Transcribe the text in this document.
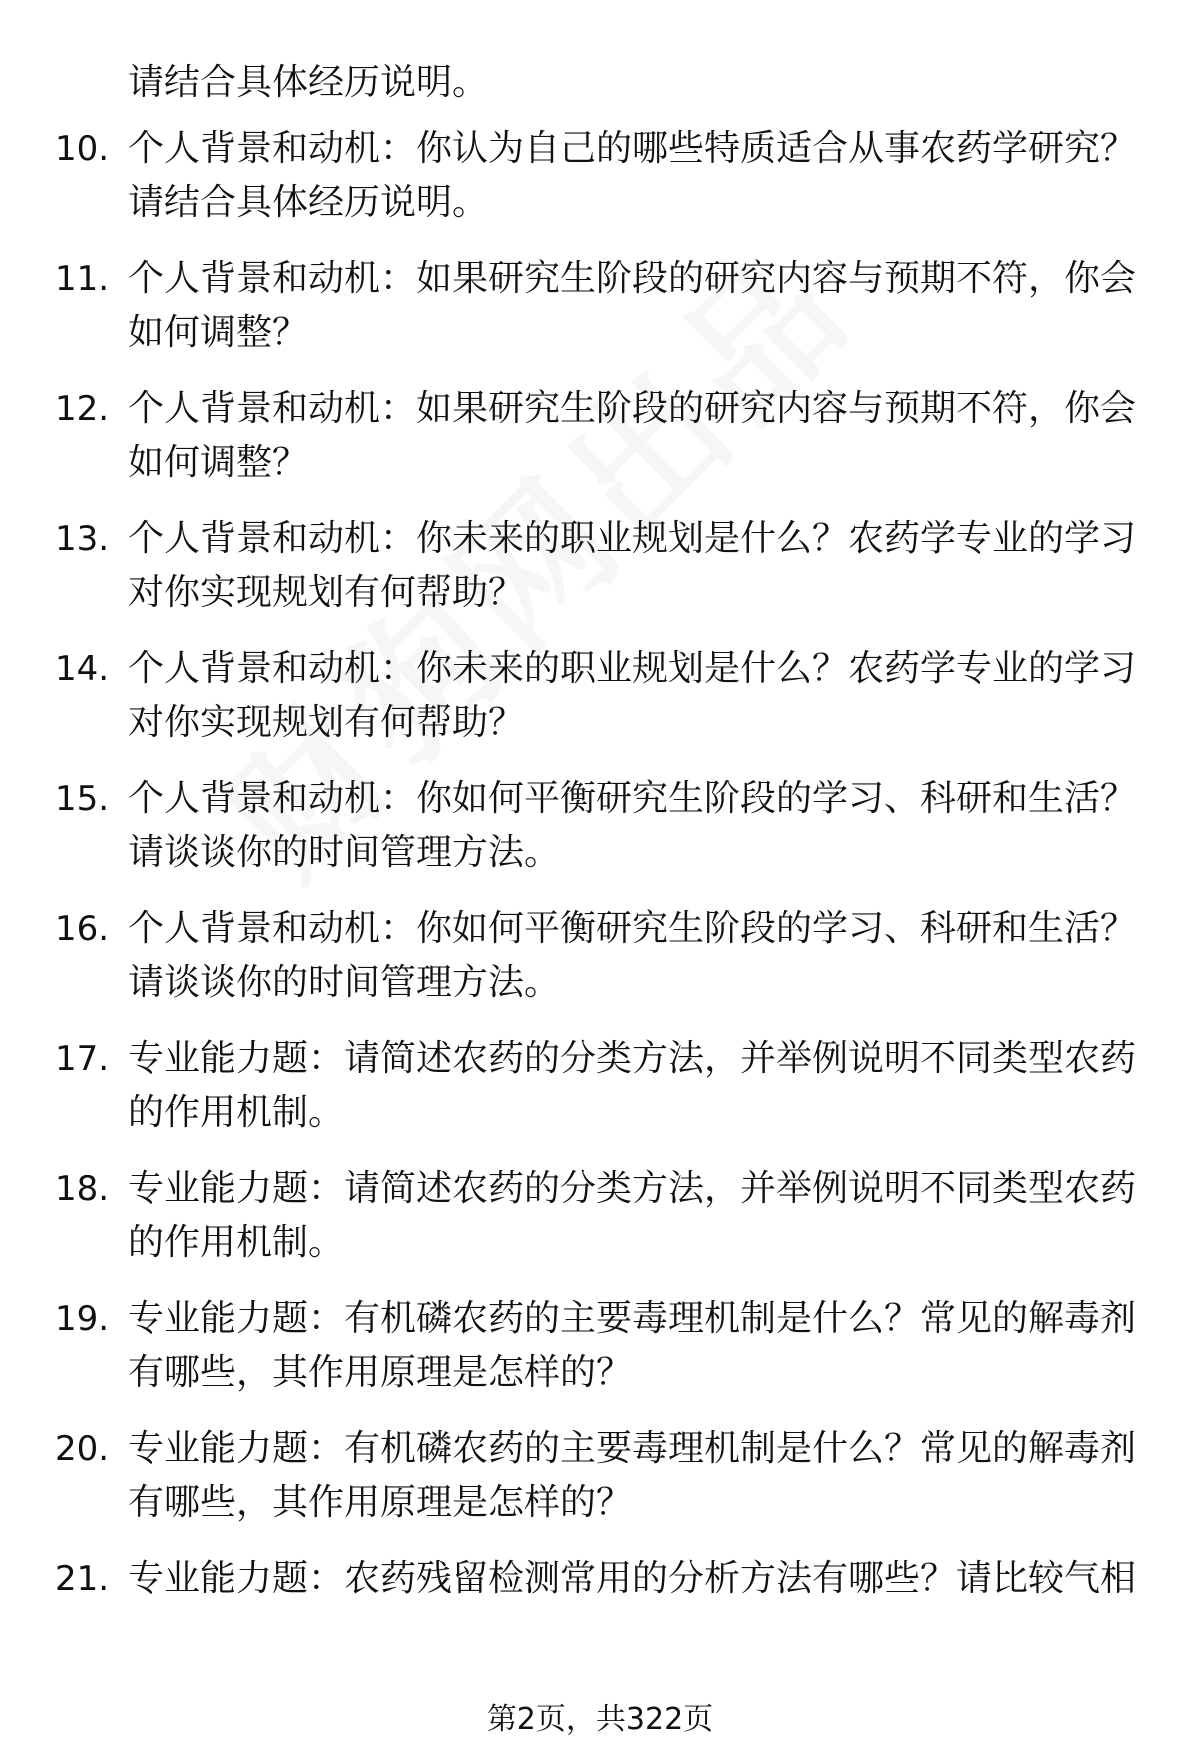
请结合具体经历说明。

10. 个人背景和动机：你认为自己的哪些特质适合从事农药学研究？
请结合具体经历说明。
11. 个人背景和动机：如果研究生阶段的研究内容与预期不符，你会
如何调整？
12. 个人背景和动机：如果研究生阶段的研究内容与预期不符，你会
如何调整？
13. 个人背景和动机：你未来的职业规划是什么？农药学专业的学习
对你实现规划有何帮助？
14. 个人背景和动机：你未来的职业规划是什么？农药学专业的学习
对你实现规划有何帮助？
15. 个人背景和动机：你如何平衡研究生阶段的学习、科研和生活？
请谈谈你的时间管理方法。
16. 个人背景和动机：你如何平衡研究生阶段的学习、科研和生活？
请谈谈你的时间管理方法。
17. 专业能力题：请简述农药的分类方法，并举例说明不同类型农药
的作用机制。
18. 专业能力题：请简述农药的分类方法，并举例说明不同类型农药
的作用机制。
19. 专业能力题：有机磷农药的主要毒理机制是什么？常见的解毒剂
有哪些，其作用原理是怎样的？
20. 专业能力题：有机磷农药的主要毒理机制是什么？常见的解毒剂
有哪些，其作用原理是怎样的？
21. 专业能力题：农药残留检测常用的分析方法有哪些？请比较气相
第2页，共322页
